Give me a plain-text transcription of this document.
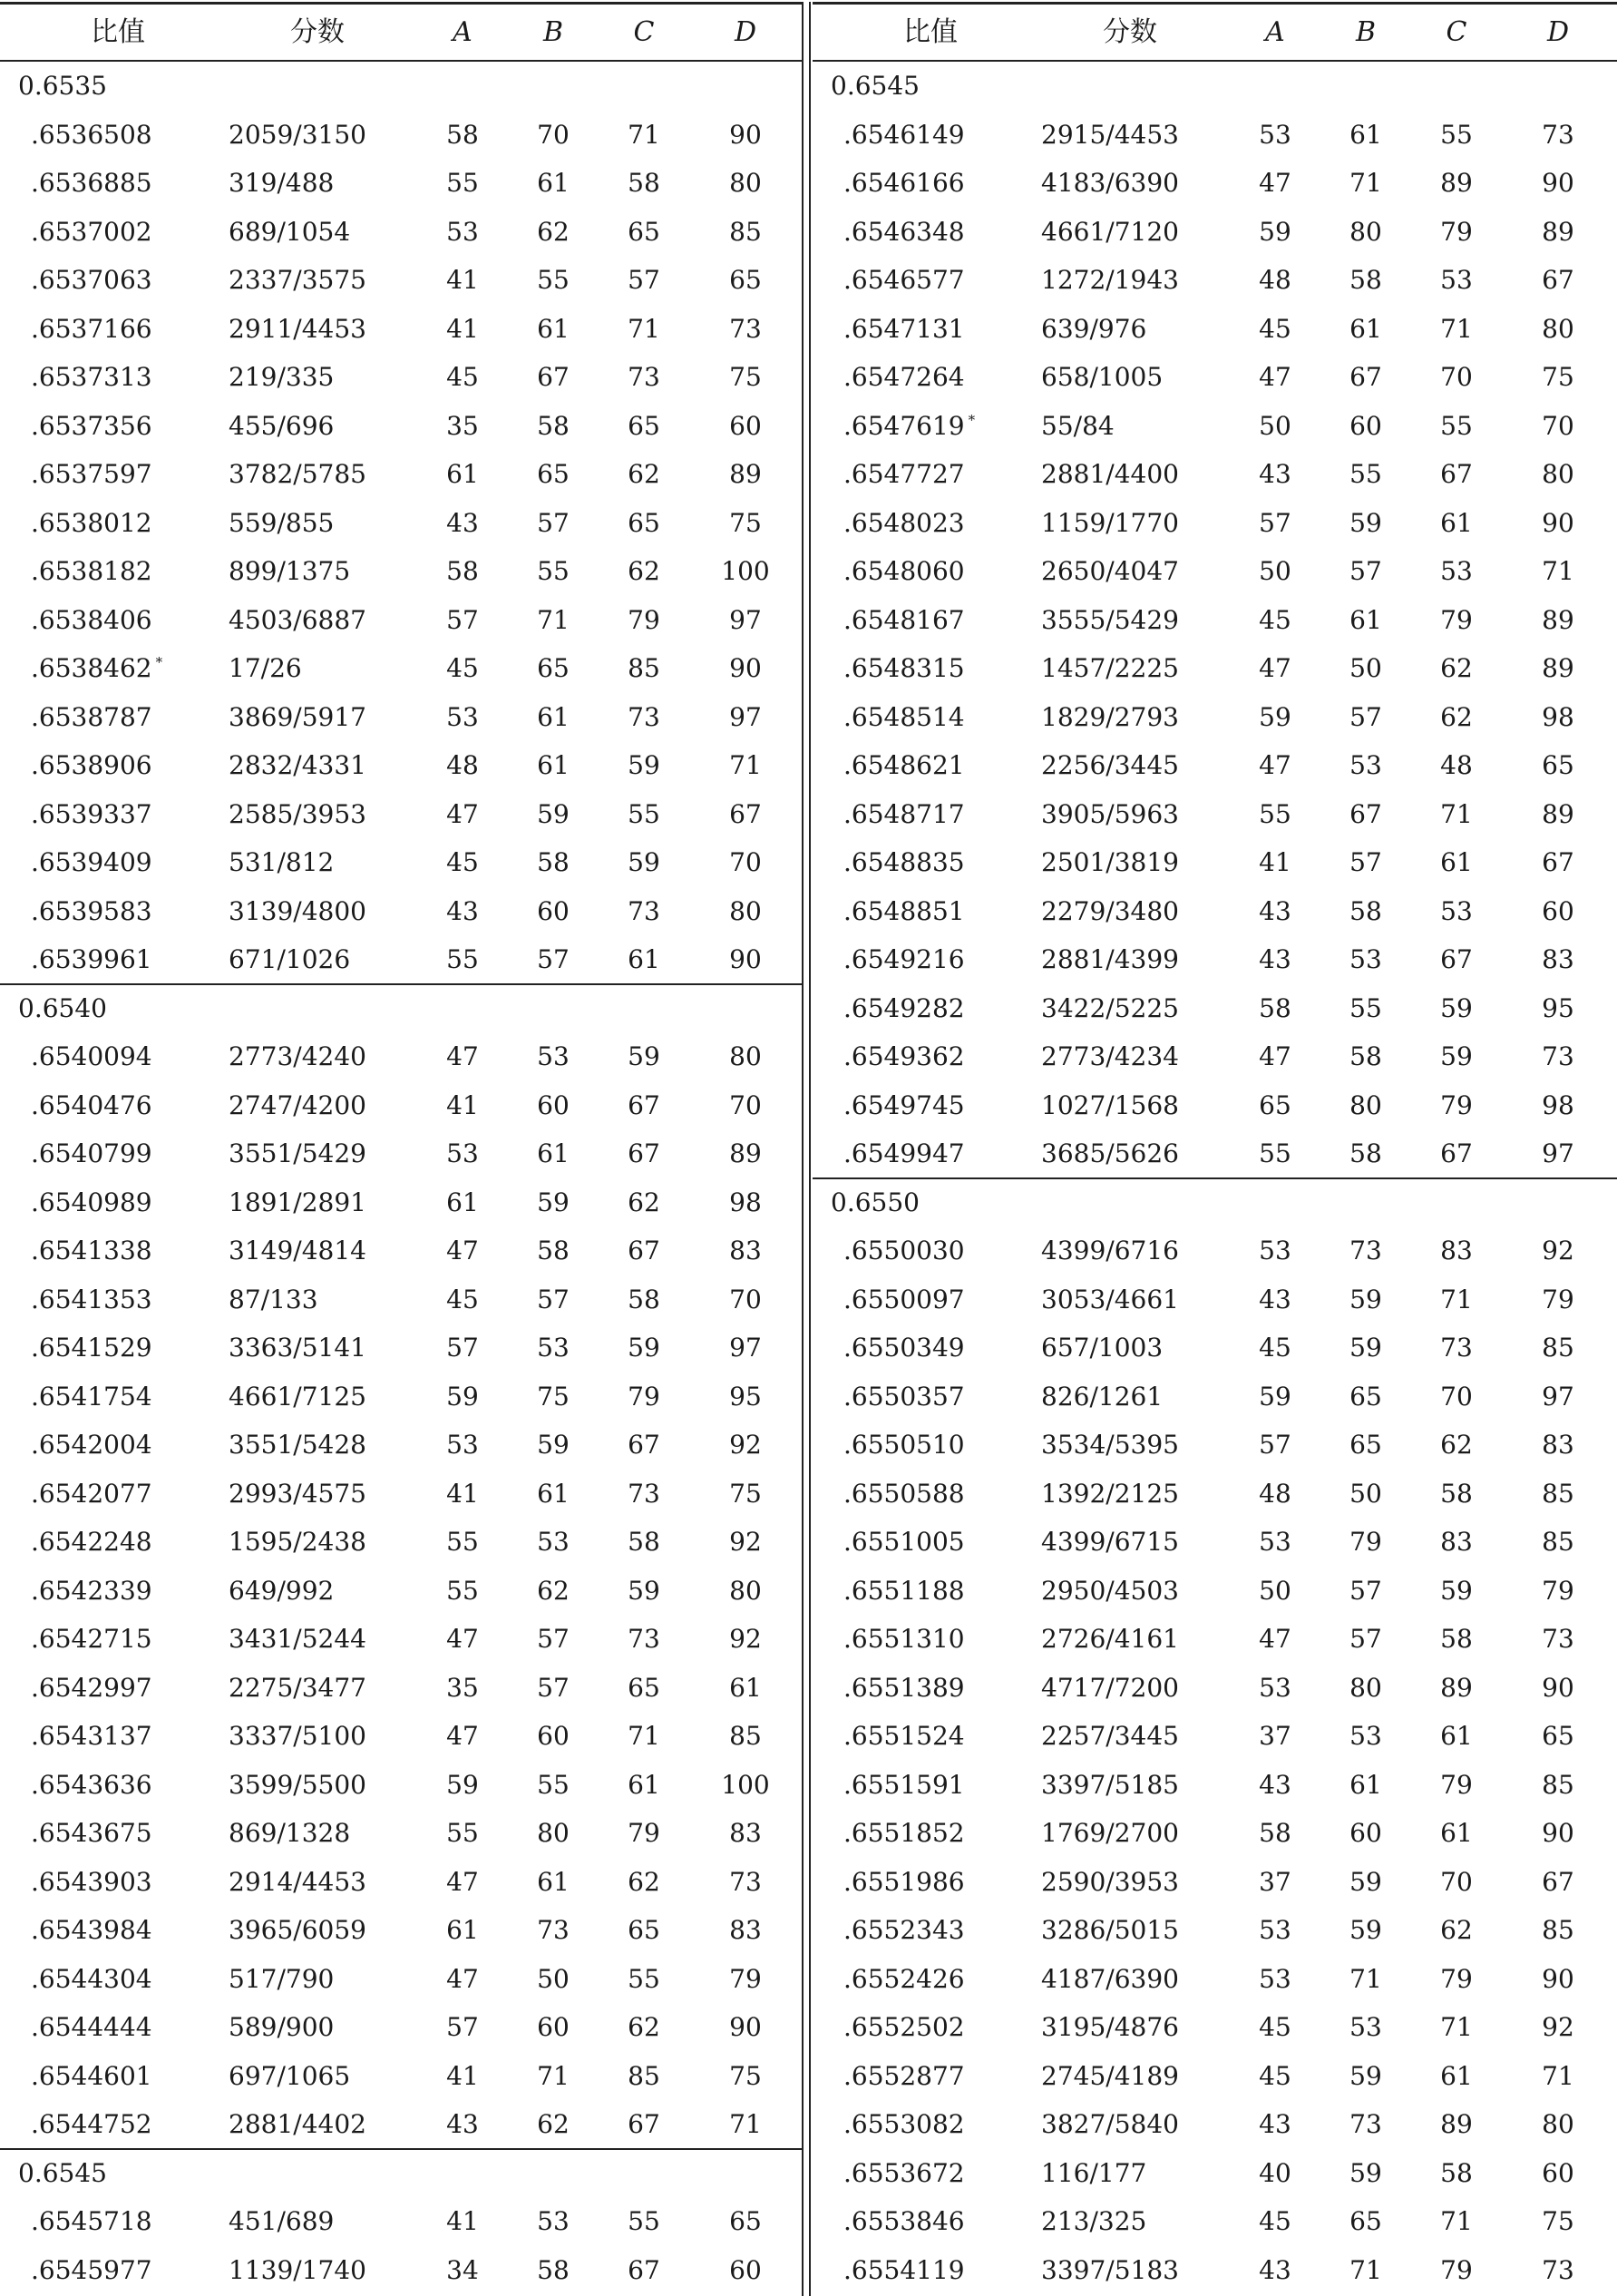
比值	分数	A	B	C	D
0.6535
.6536508	2059/3150	58	70	71	90
.6536885	319/488	55	61	58	80
.6537002	689/1054	53	62	65	85
.6537063	2337/3575	41	55	57	65
.6537166	2911/4453	41	61	71	73
.6537313	219/335	45	67	73	75
.6537356	455/696	35	58	65	60
.6537597	3782/5785	61	65	62	89
.6538012	559/855	43	57	65	75
.6538182	899/1375	58	55	62	100
.6538406	4503/6887	57	71	79	97
.6538462 *	17/26	45	65	85	90
.6538787	3869/5917	53	61	73	97
.6538906	2832/4331	48	61	59	71
.6539337	2585/3953	47	59	55	67
.6539409	531/812	45	58	59	70
.6539583	3139/4800	43	60	73	80
.6539961	671/1026	55	57	61	90
0.6540
.6540094	2773/4240	47	53	59	80
.6540476	2747/4200	41	60	67	70
.6540799	3551/5429	53	61	67	89
.6540989	1891/2891	61	59	62	98
.6541338	3149/4814	47	58	67	83
.6541353	87/133	45	57	58	70
.6541529	3363/5141	57	53	59	97
.6541754	4661/7125	59	75	79	95
.6542004	3551/5428	53	59	67	92
.6542077	2993/4575	41	61	73	75
.6542248	1595/2438	55	53	58	92
.6542339	649/992	55	62	59	80
.6542715	3431/5244	47	57	73	92
.6542997	2275/3477	35	57	65	61
.6543137	3337/5100	47	60	71	85
.6543636	3599/5500	59	55	61	100
.6543675	869/1328	55	80	79	83
.6543903	2914/4453	47	61	62	73
.6543984	3965/6059	61	73	65	83
.6544304	517/790	47	50	55	79
.6544444	589/900	57	60	62	90
.6544601	697/1065	41	71	85	75
.6544752	2881/4402	43	62	67	71
0.6545
.6545718	451/689	41	53	55	65
.6545977	1139/1740	34	58	67	60
比值	分数	A	B	C	D
0.6545
.6546149	2915/4453	53	61	55	73
.6546166	4183/6390	47	71	89	90
.6546348	4661/7120	59	80	79	89
.6546577	1272/1943	48	58	53	67
.6547131	639/976	45	61	71	80
.6547264	658/1005	47	67	70	75
.6547619 *	55/84	50	60	55	70
.6547727	2881/4400	43	55	67	80
.6548023	1159/1770	57	59	61	90
.6548060	2650/4047	50	57	53	71
.6548167	3555/5429	45	61	79	89
.6548315	1457/2225	47	50	62	89
.6548514	1829/2793	59	57	62	98
.6548621	2256/3445	47	53	48	65
.6548717	3905/5963	55	67	71	89
.6548835	2501/3819	41	57	61	67
.6548851	2279/3480	43	58	53	60
.6549216	2881/4399	43	53	67	83
.6549282	3422/5225	58	55	59	95
.6549362	2773/4234	47	58	59	73
.6549745	1027/1568	65	80	79	98
.6549947	3685/5626	55	58	67	97
0.6550
.6550030	4399/6716	53	73	83	92
.6550097	3053/4661	43	59	71	79
.6550349	657/1003	45	59	73	85
.6550357	826/1261	59	65	70	97
.6550510	3534/5395	57	65	62	83
.6550588	1392/2125	48	50	58	85
.6551005	4399/6715	53	79	83	85
.6551188	2950/4503	50	57	59	79
.6551310	2726/4161	47	57	58	73
.6551389	4717/7200	53	80	89	90
.6551524	2257/3445	37	53	61	65
.6551591	3397/5185	43	61	79	85
.6551852	1769/2700	58	60	61	90
.6551986	2590/3953	37	59	70	67
.6552343	3286/5015	53	59	62	85
.6552426	4187/6390	53	71	79	90
.6552502	3195/4876	45	53	71	92
.6552877	2745/4189	45	59	61	71
.6553082	3827/5840	43	73	89	80
.6553672	116/177	40	59	58	60
.6553846	213/325	45	65	71	75
.6554119	3397/5183	43	71	79	73
